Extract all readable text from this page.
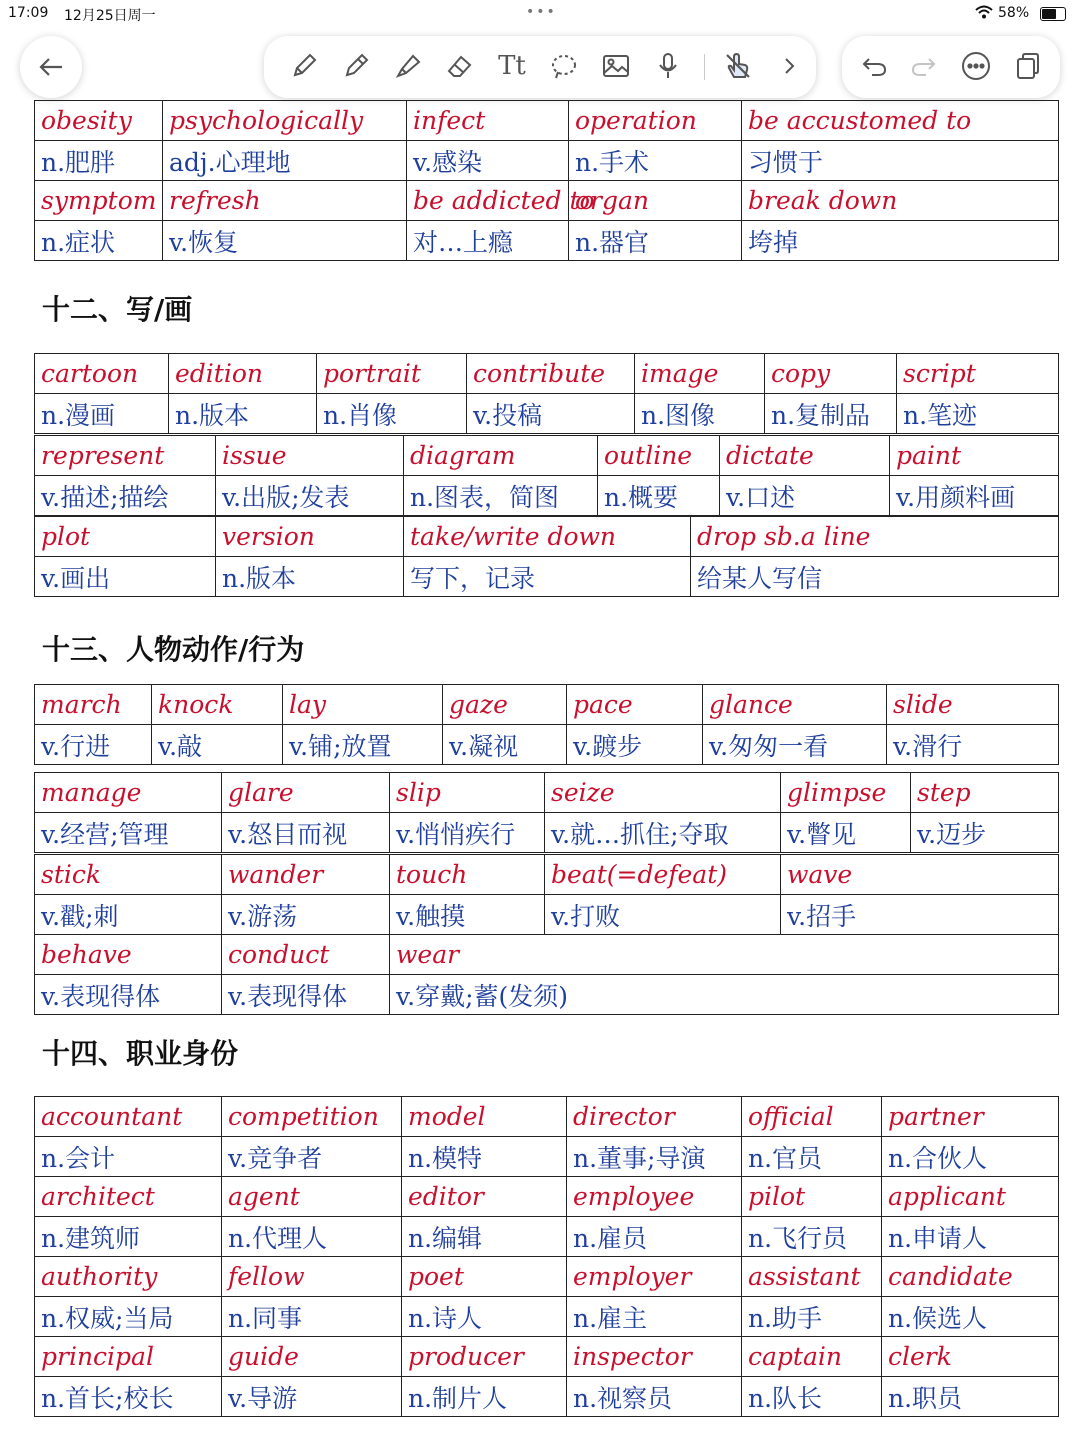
17:09 12月25日周一	•••	58%
Tt
obesity	psychologically	infect	operation	be accustomed to
n.肥胖	adj.心理地	v.感染	n.手术	习惯于
symptom	refresh	be addicted to	organ	break down
n.症状	v.恢复	对…上瘾	n.器官	垮掉
十二、写/画
cartoon	edition	portrait	contribute	image	copy	script
n.漫画	n.版本	n.肖像	v.投稿	n.图像	n.复制品	n.笔迹
represent	issue	diagram	outline	dictate	paint
v.描述;描绘	v.出版;发表	n.图表，简图	n.概要	v.口述	v.用颜料画
plot	version	take/write down	drop sb.a line
v.画出	n.版本	写下，记录	给某人写信
十三、人物动作/行为
march	knock	lay	gaze	pace	glance	slide
v.行进	v.敲	v.铺;放置	v.凝视	v.踱步	v.匆匆一看	v.滑行
manage	glare	slip	seize	glimpse	step
v.经营;管理	v.怒目而视	v.悄悄疾行	v.就…抓住;夺取	v.瞥见	v.迈步
stick	wander	touch	beat(=defeat)	wave
v.戳;刺	v.游荡	v.触摸	v.打败	v.招手
behave	conduct	wear
v.表现得体	v.表现得体	v.穿戴;蓄(发须)
十四、职业身份
accountant	competition	model	director	official	partner
n.会计	v.竞争者	n.模特	n.董事;导演	n.官员	n.合伙人
architect	agent	editor	employee	pilot	applicant
n.建筑师	n.代理人	n.编辑	n.雇员	n.飞行员	n.申请人
authority	fellow	poet	employer	assistant	candidate
n.权威;当局	n.同事	n.诗人	n.雇主	n.助手	n.候选人
principal	guide	producer	inspector	captain	clerk
n.首长;校长	v.导游	n.制片人	n.视察员	n.队长	n.职员
